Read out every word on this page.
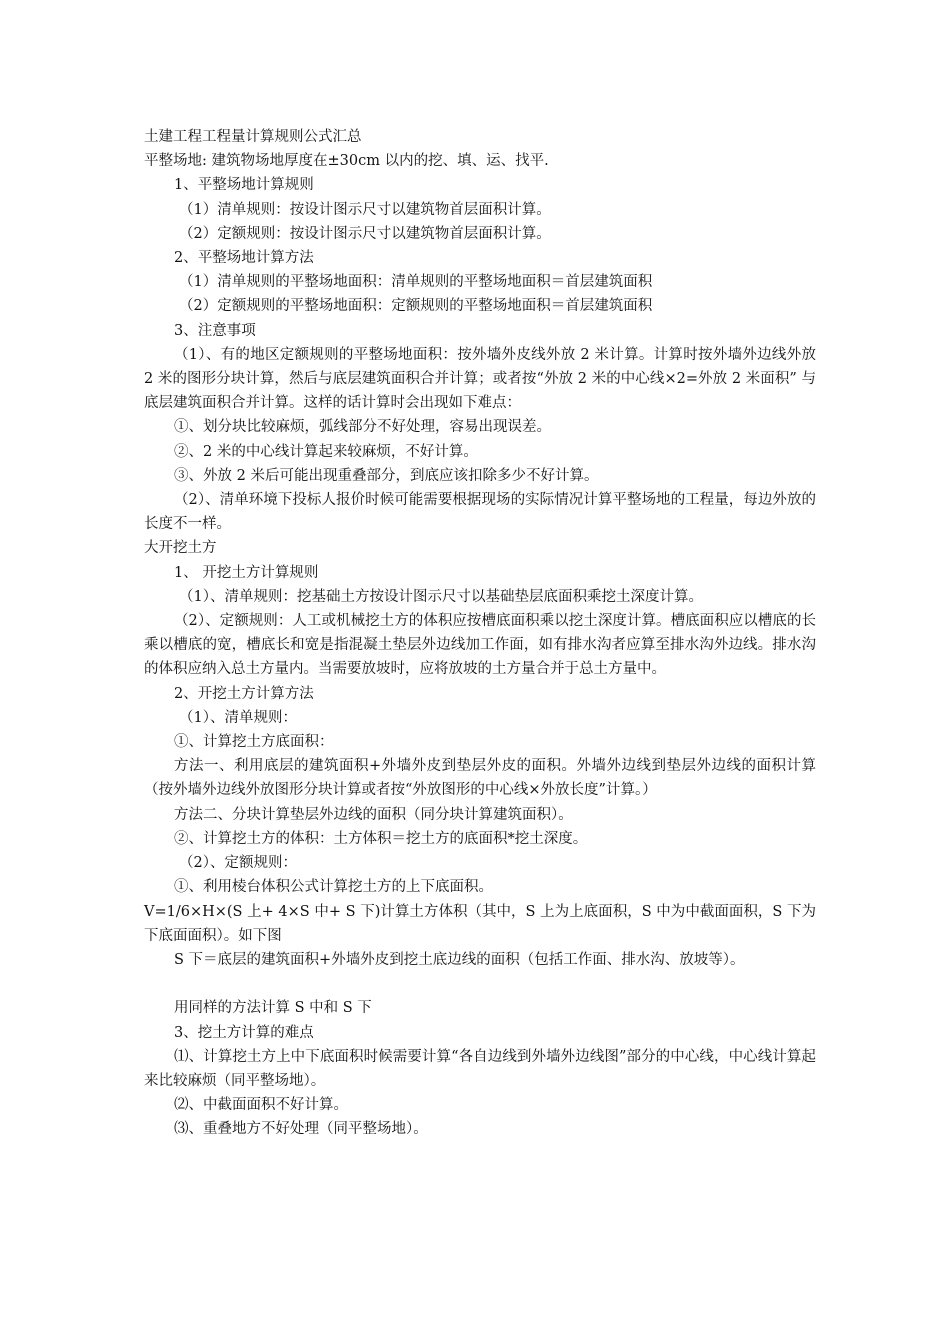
土建工程工程量计算规则公式汇总

平整场地: 建筑物场地厚度在±30cm 以内的挖、填、运、找平.

1、平整场地计算规则

（1）清单规则：按设计图示尺寸以建筑物首层面积计算。

（2）定额规则：按设计图示尺寸以建筑物首层面积计算。

2、平整场地计算方法

（1）清单规则的平整场地面积：清单规则的平整场地面积＝首层建筑面积

（2）定额规则的平整场地面积：定额规则的平整场地面积＝首层建筑面积

3、注意事项

（1）、有的地区定额规则的平整场地面积：按外墙外皮线外放 2 米计算。计算时按外墙外边线外放 2 米的图形分块计算，然后与底层建筑面积合并计算；或者按“外放 2 米的中心线×2=外放 2 米面积” 与底层建筑面积合并计算。这样的话计算时会出现如下难点：

①、划分块比较麻烦，弧线部分不好处理，容易出现误差。

②、2 米的中心线计算起来较麻烦，不好计算。

③、外放 2 米后可能出现重叠部分，到底应该扣除多少不好计算。

（2）、清单环境下投标人报价时候可能需要根据现场的实际情况计算平整场地的工程量，每边外放的长度不一样。

大开挖土方

1、 开挖土方计算规则

（1）、清单规则：挖基础土方按设计图示尺寸以基础垫层底面积乘挖土深度计算。

（2）、定额规则：人工或机械挖土方的体积应按槽底面积乘以挖土深度计算。槽底面积应以槽底的长乘以槽底的宽，槽底长和宽是指混凝土垫层外边线加工作面，如有排水沟者应算至排水沟外边线。排水沟的体积应纳入总土方量内。当需要放坡时，应将放坡的土方量合并于总土方量中。

2、开挖土方计算方法

（1）、清单规则：

①、计算挖土方底面积：

方法一、利用底层的建筑面积+外墙外皮到垫层外皮的面积。外墙外边线到垫层外边线的面积计算（按外墙外边线外放图形分块计算或者按“外放图形的中心线×外放长度”计算。）

方法二、分块计算垫层外边线的面积（同分块计算建筑面积）。

②、计算挖土方的体积：土方体积＝挖土方的底面积*挖土深度。

（2）、定额规则：

①、利用棱台体积公式计算挖土方的上下底面积。

V=1/6×H×(S 上+ 4×S 中+ S 下)计算土方体积（其中，S 上为上底面积，S 中为中截面面积，S 下为下底面面积）。如下图

S 下＝底层的建筑面积+外墙外皮到挖土底边线的面积（包括工作面、排水沟、放坡等）。

用同样的方法计算 S 中和 S 下

3、挖土方计算的难点

⑴、计算挖土方上中下底面积时候需要计算“各自边线到外墙外边线图”部分的中心线，中心线计算起来比较麻烦（同平整场地）。

⑵、中截面面积不好计算。

⑶、重叠地方不好处理（同平整场地）。
